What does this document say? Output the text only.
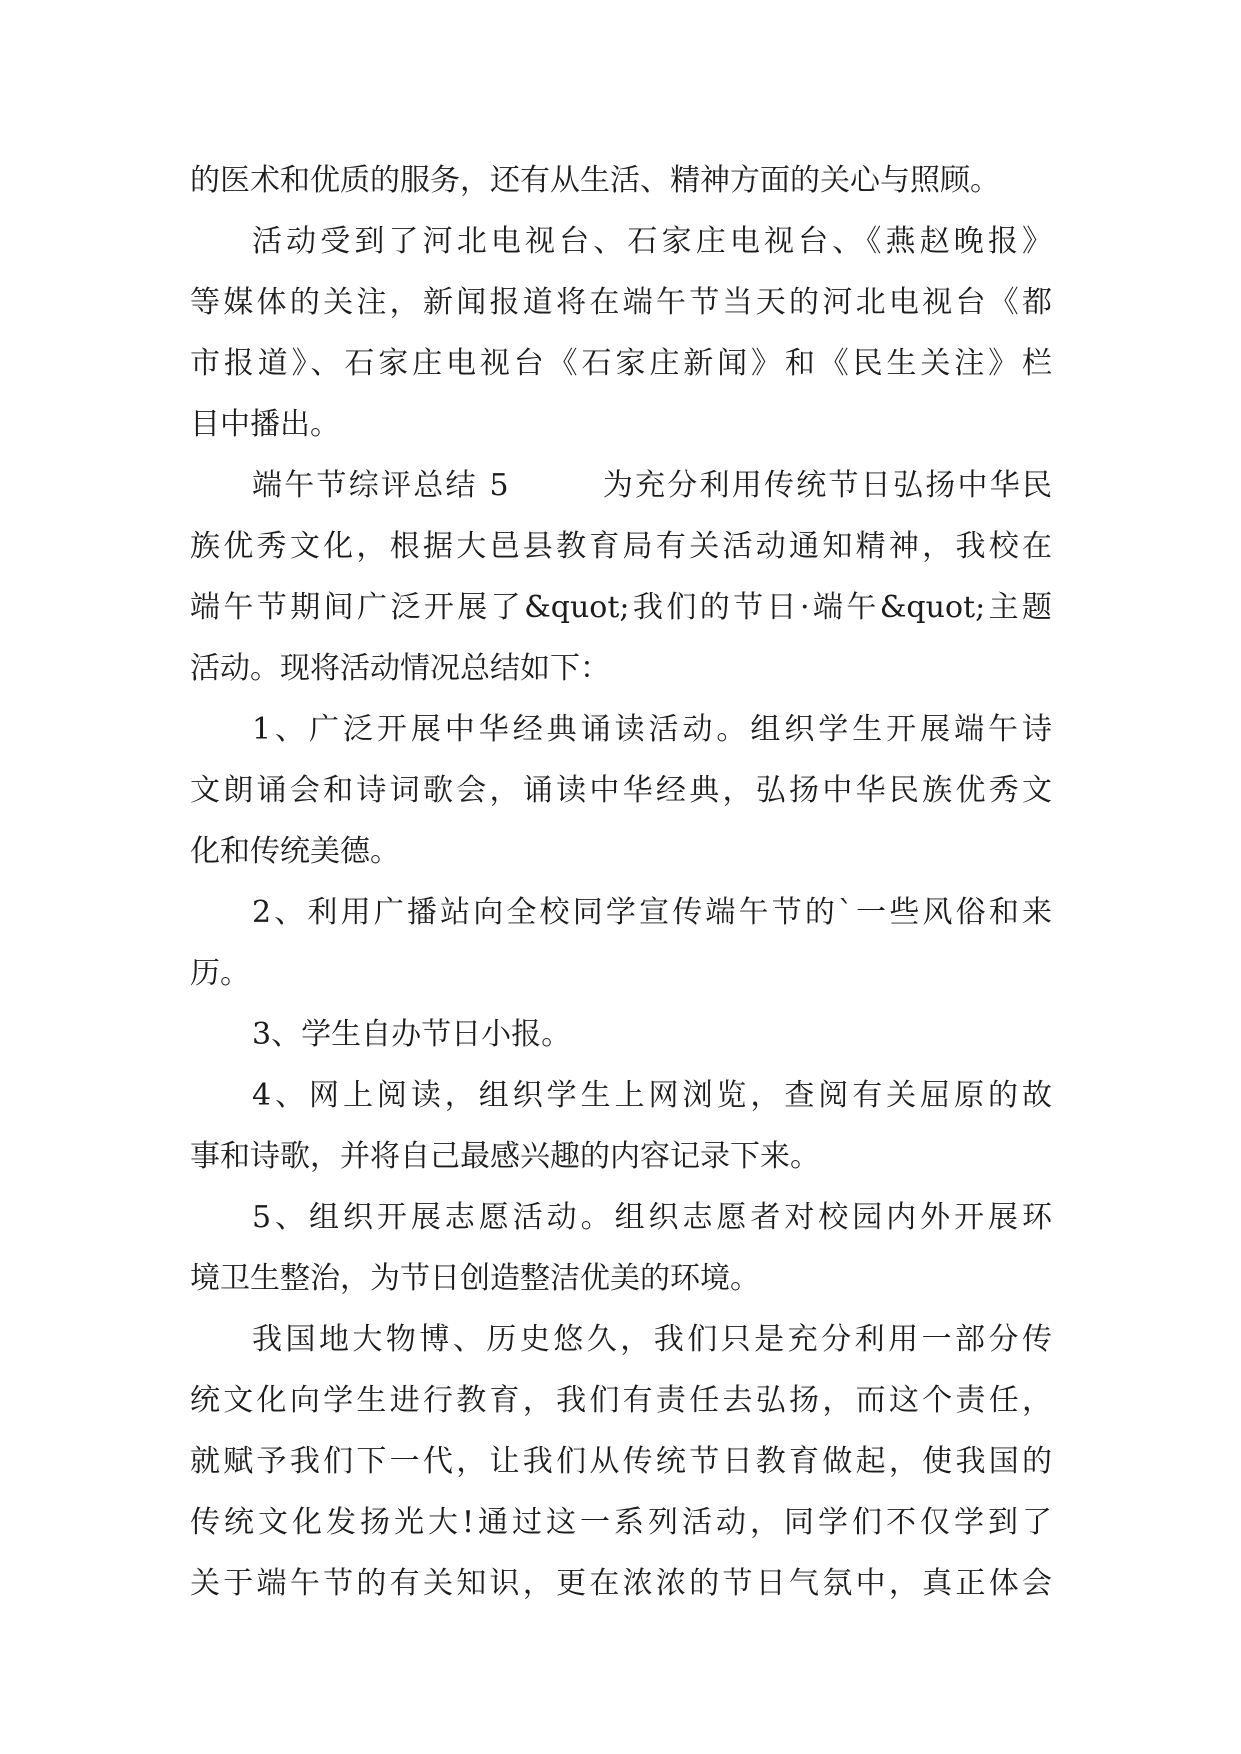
的医术和优质的服务，还有从生活、精神方面的关心与照顾。
活动受到了河北电视台、石家庄电视台、《燕赵晚报》
等媒体的关注，新闻报道将在端午节当天的河北电视台《都
市报道》、石家庄电视台《石家庄新闻》和《民生关注》栏
目中播出。
端午节综评总结 5        为充分利用传统节日弘扬中华民
族优秀文化，根据大邑县教育局有关活动通知精神，我校在
端午节期间广泛开展了&quot;我们的节日·端午&quot;主题
活动。现将活动情况总结如下：
1、广泛开展中华经典诵读活动。组织学生开展端午诗
文朗诵会和诗词歌会，诵读中华经典，弘扬中华民族优秀文
化和传统美德。
2、利用广播站向全校同学宣传端午节的`一些风俗和来
历。
3、学生自办节日小报。
4、网上阅读，组织学生上网浏览，查阅有关屈原的故
事和诗歌，并将自己最感兴趣的内容记录下来。
5、组织开展志愿活动。组织志愿者对校园内外开展环
境卫生整治，为节日创造整洁优美的环境。
我国地大物博、历史悠久，我们只是充分利用一部分传
统文化向学生进行教育，我们有责任去弘扬，而这个责任，
就赋予我们下一代，让我们从传统节日教育做起，使我国的
传统文化发扬光大!通过这一系列活动，同学们不仅学到了
关于端午节的有关知识，更在浓浓的节日气氛中，真正体会
